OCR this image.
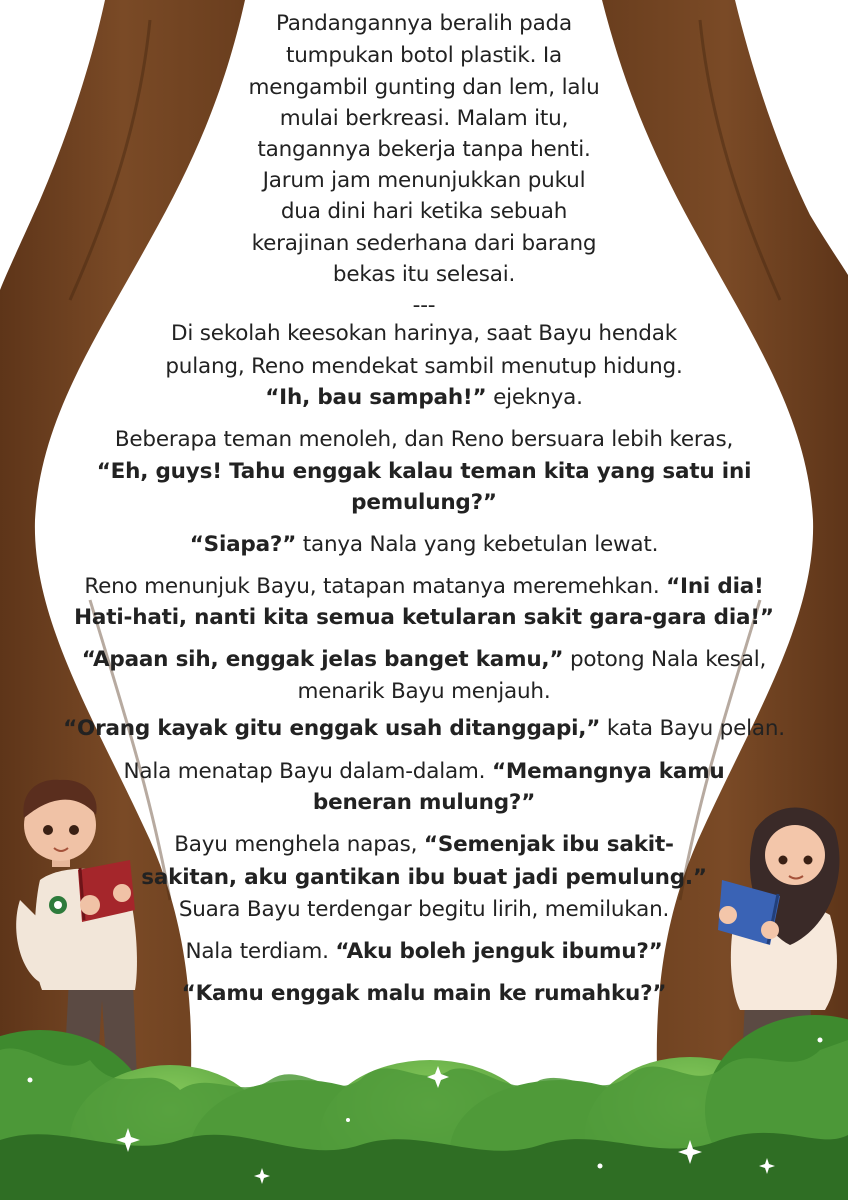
Pandangannya beralih pada
tumpukan botol plastik. Ia
mengambil gunting dan lem, lalu
mulai berkreasi. Malam itu,
tangannya bekerja tanpa henti.
Jarum jam menunjukkan pukul
dua dini hari ketika sebuah
kerajinan sederhana dari barang
bekas itu selesai.
---
Di sekolah keesokan harinya, saat Bayu hendak
pulang, Reno mendekat sambil menutup hidung.
“Ih, bau sampah!” ejeknya.
Beberapa teman menoleh, dan Reno bersuara lebih keras,
“Eh, guys! Tahu enggak kalau teman kita yang satu ini
pemulung?”
“Siapa?” tanya Nala yang kebetulan lewat.
Reno menunjuk Bayu, tatapan matanya meremehkan. “Ini dia!
Hati-hati, nanti kita semua ketularan sakit gara-gara dia!”
“Apaan sih, enggak jelas banget kamu,” potong Nala kesal,
menarik Bayu menjauh.
“Orang kayak gitu enggak usah ditanggapi,” kata Bayu pelan.
Nala menatap Bayu dalam-dalam. “Memangnya kamu
beneran mulung?”
Bayu menghela napas, “Semenjak ibu sakit-
sakitan, aku gantikan ibu buat jadi pemulung.”
Suara Bayu terdengar begitu lirih, memilukan.
Nala terdiam. “Aku boleh jenguk ibumu?”
“Kamu enggak malu main ke rumahku?”
